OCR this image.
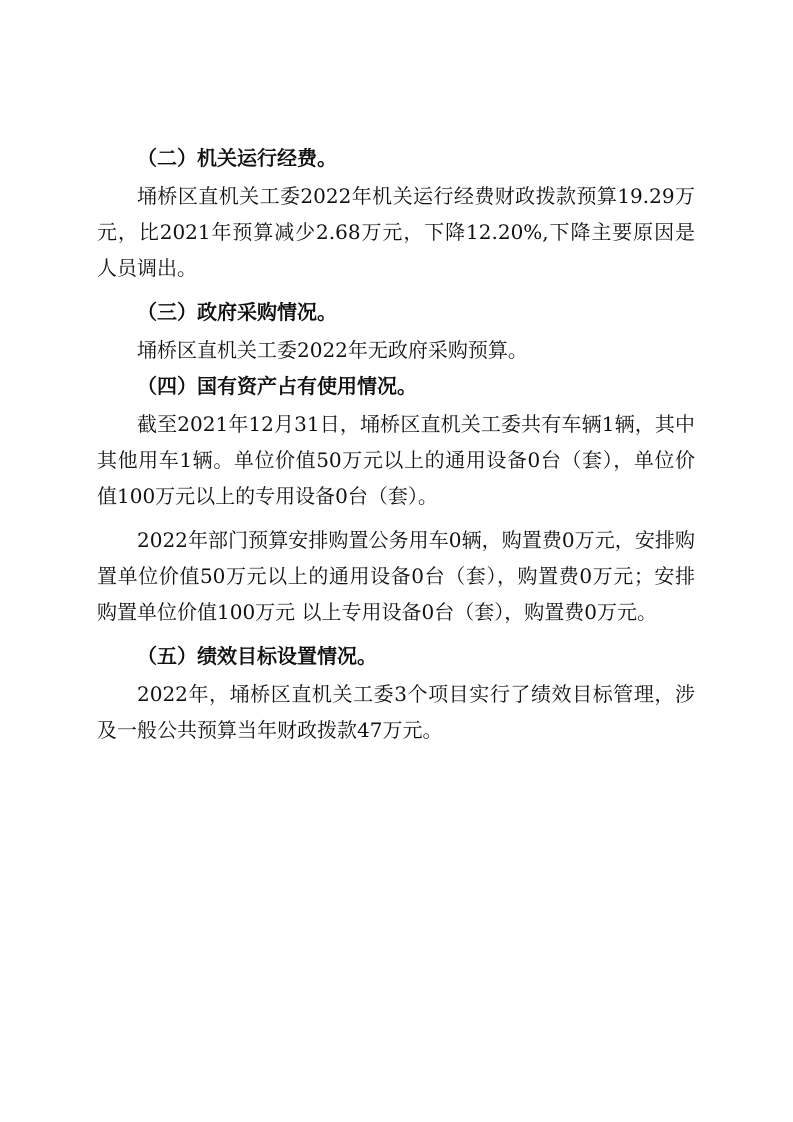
（二）机关运行经费。

埇桥区直机关工委2022年机关运行经费财政拨款预算19.29万元，比2021年预算减少2.68万元，下降12.20%,下降主要原因是人员调出。

（三）政府采购情况。

埇桥区直机关工委2022年无政府采购预算。

（四）国有资产占有使用情况。

截至2021年12月31日，埇桥区直机关工委共有车辆1辆，其中其他用车1辆。单位价值50万元以上的通用设备0台（套），单位价值100万元以上的专用设备0台（套）。

2022年部门预算安排购置公务用车0辆，购置费0万元，安排购置单位价值50万元以上的通用设备0台（套），购置费0万元；安排购置单位价值100万元 以上专用设备0台（套），购置费0万元。

（五）绩效目标设置情况。

2022年，埇桥区直机关工委3个项目实行了绩效目标管理，涉及一般公共预算当年财政拨款47万元。
